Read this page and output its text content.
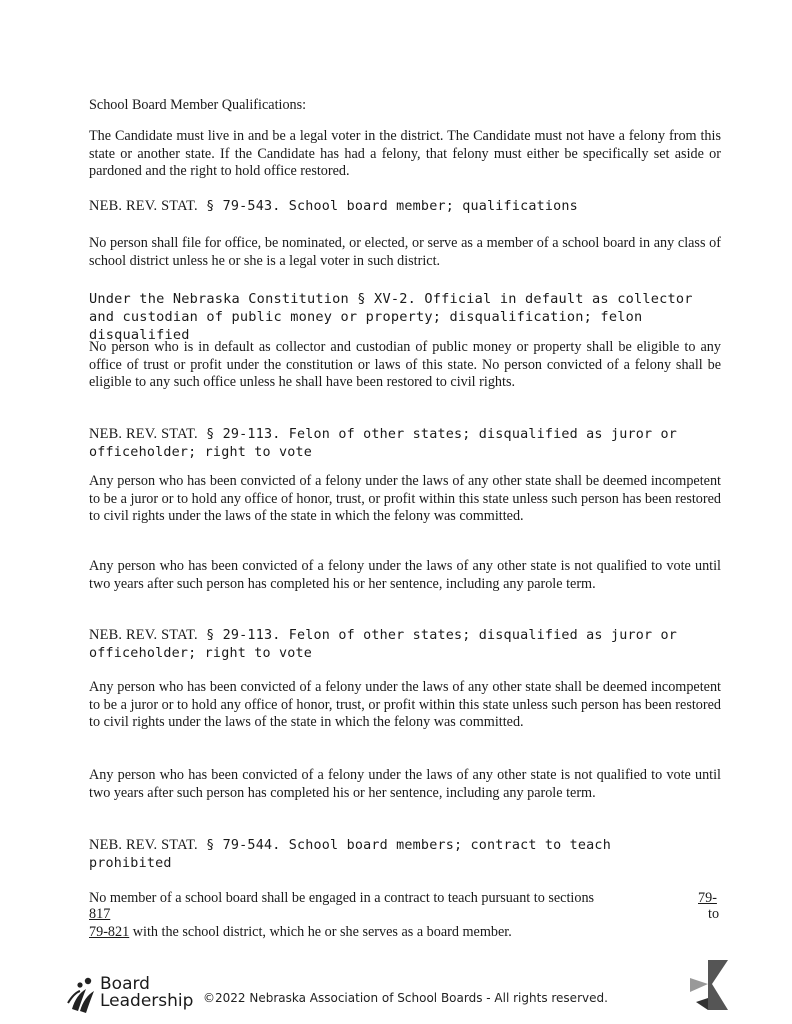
School Board Member Qualifications:
The Candidate must live in and be a legal voter in the district. The Candidate must not have a felony from this state or another state. If the Candidate has had a felony, that felony must either be specifically set aside or pardoned and the right to hold office restored.
NEB. REV. STAT. § 79-543. School board member; qualifications
No person shall file for office, be nominated, or elected, or serve as a member of a school board in any class of school district unless he or she is a legal voter in such district.
Under the Nebraska Constitution § XV-2. Official in default as collector and custodian of public money or property; disqualification; felon disqualified
No person who is in default as collector and custodian of public money or property shall be eligible to any office of trust or profit under the constitution or laws of this state. No person convicted of a felony shall be eligible to any such office unless he shall have been restored to civil rights.
NEB. REV. STAT. § 29-113. Felon of other states; disqualified as juror or officeholder; right to vote
Any person who has been convicted of a felony under the laws of any other state shall be deemed incompetent to be a juror or to hold any office of honor, trust, or profit within this state unless such person has been restored to civil rights under the laws of the state in which the felony was committed.
Any person who has been convicted of a felony under the laws of any other state is not qualified to vote until two years after such person has completed his or her sentence, including any parole term.
NEB. REV. STAT. § 29-113. Felon of other states; disqualified as juror or officeholder; right to vote
Any person who has been convicted of a felony under the laws of any other state shall be deemed incompetent to be a juror or to hold any office of honor, trust, or profit within this state unless such person has been restored to civil rights under the laws of the state in which the felony was committed.
Any person who has been convicted of a felony under the laws of any other state is not qualified to vote until two years after such person has completed his or her sentence, including any parole term.
NEB. REV. STAT. § 79-544. School board members; contract to teach prohibited
No member of a school board shall be engaged in a contract to teach pursuant to sections	79-
817	to
79-821 with the school district, which he or she serves as a board member.
Board
Leadership ©2022 Nebraska Association of School Boards - All rights reserved.
